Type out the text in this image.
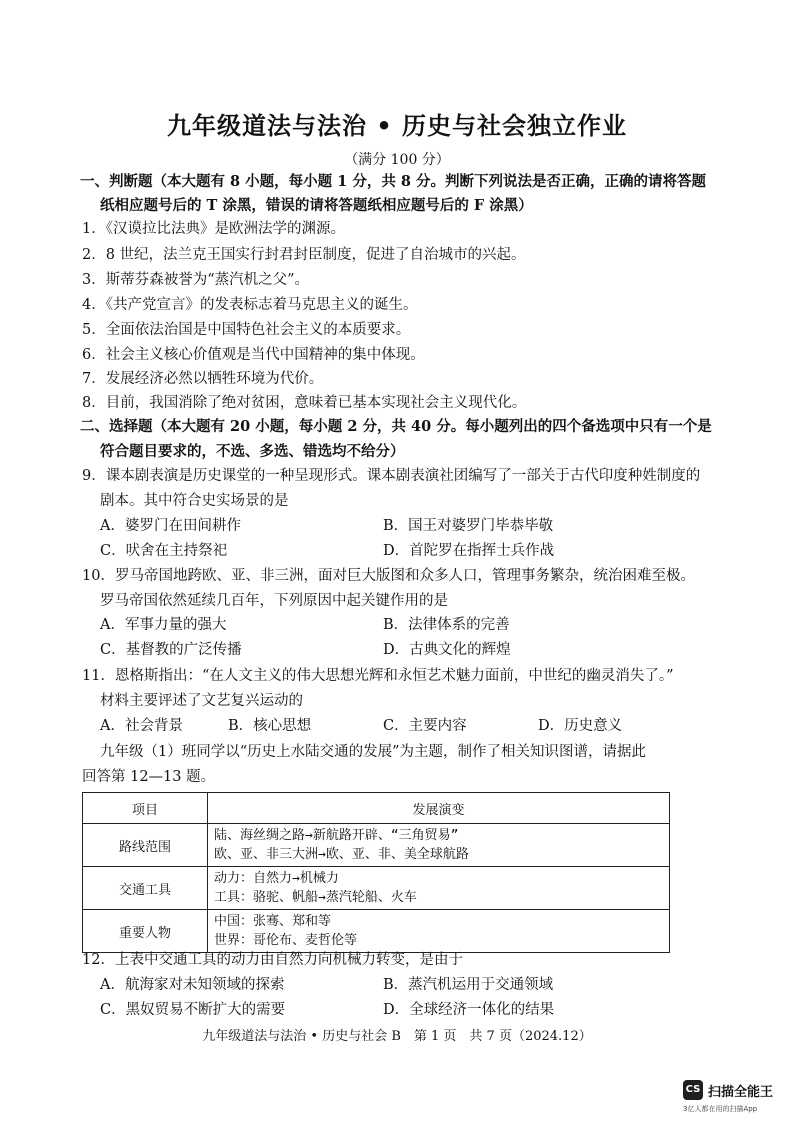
九年级道法与法治 • 历史与社会独立作业
（满分 100 分）
一、判断题（本大题有 8 小题，每小题 1 分，共 8 分。判断下列说法是否正确，正确的请将答题
纸相应题号后的 T 涂黑，错误的请将答题纸相应题号后的 F 涂黑）
1．《汉谟拉比法典》是欧洲法学的渊源。
2．8 世纪，法兰克王国实行封君封臣制度，促进了自治城市的兴起。
3．斯蒂芬森被誉为“蒸汽机之父”。
4．《共产党宣言》的发表标志着马克思主义的诞生。
5．全面依法治国是中国特色社会主义的本质要求。
6．社会主义核心价值观是当代中国精神的集中体现。
7．发展经济必然以牺牲环境为代价。
8．目前，我国消除了绝对贫困，意味着已基本实现社会主义现代化。
二、选择题（本大题有 20 小题，每小题 2 分，共 40 分。每小题列出的四个备选项中只有一个是
符合题目要求的，不选、多选、错选均不给分）
9．课本剧表演是历史课堂的一种呈现形式。课本剧表演社团编写了一部关于古代印度种姓制度的
剧本。其中符合史实场景的是
A．婆罗门在田间耕作	B．国王对婆罗门毕恭毕敬
C．吠舍在主持祭祀	D．首陀罗在指挥士兵作战
10．罗马帝国地跨欧、亚、非三洲，面对巨大版图和众多人口，管理事务繁杂，统治困难至极。
罗马帝国依然延续几百年，下列原因中起关键作用的是
A．军事力量的强大	B．法律体系的完善
C．基督教的广泛传播	D．古典文化的辉煌
11．恩格斯指出：“在人文主义的伟大思想光辉和永恒艺术魅力面前，中世纪的幽灵消失了。”
材料主要评述了文艺复兴运动的
A．社会背景	B．核心思想	C．主要内容	D．历史意义
九年级（1）班同学以“历史上水陆交通的发展”为主题，制作了相关知识图谱，请据此
回答第 12—13 题。
项目	发展演变
路线范围	陆、海丝绸之路→新航路开辟、“三角贸易”
欧、亚、非三大洲→欧、亚、非、美全球航路

交通工具	动力：自然力→机械力
工具：骆驼、帆船→蒸汽轮船、火车

重要人物	中国：张骞、郑和等
世界：哥伦布、麦哲伦等
12．上表中交通工具的动力由自然力向机械力转变，是由于
A．航海家对未知领域的探索	B．蒸汽机运用于交通领域
C．黑奴贸易不断扩大的需要	D．全球经济一体化的结果
九年级道法与法治 • 历史与社会 B　第 1 页　共 7 页（2024.12）
CS 扫描全能王
3亿人都在用的扫描App
